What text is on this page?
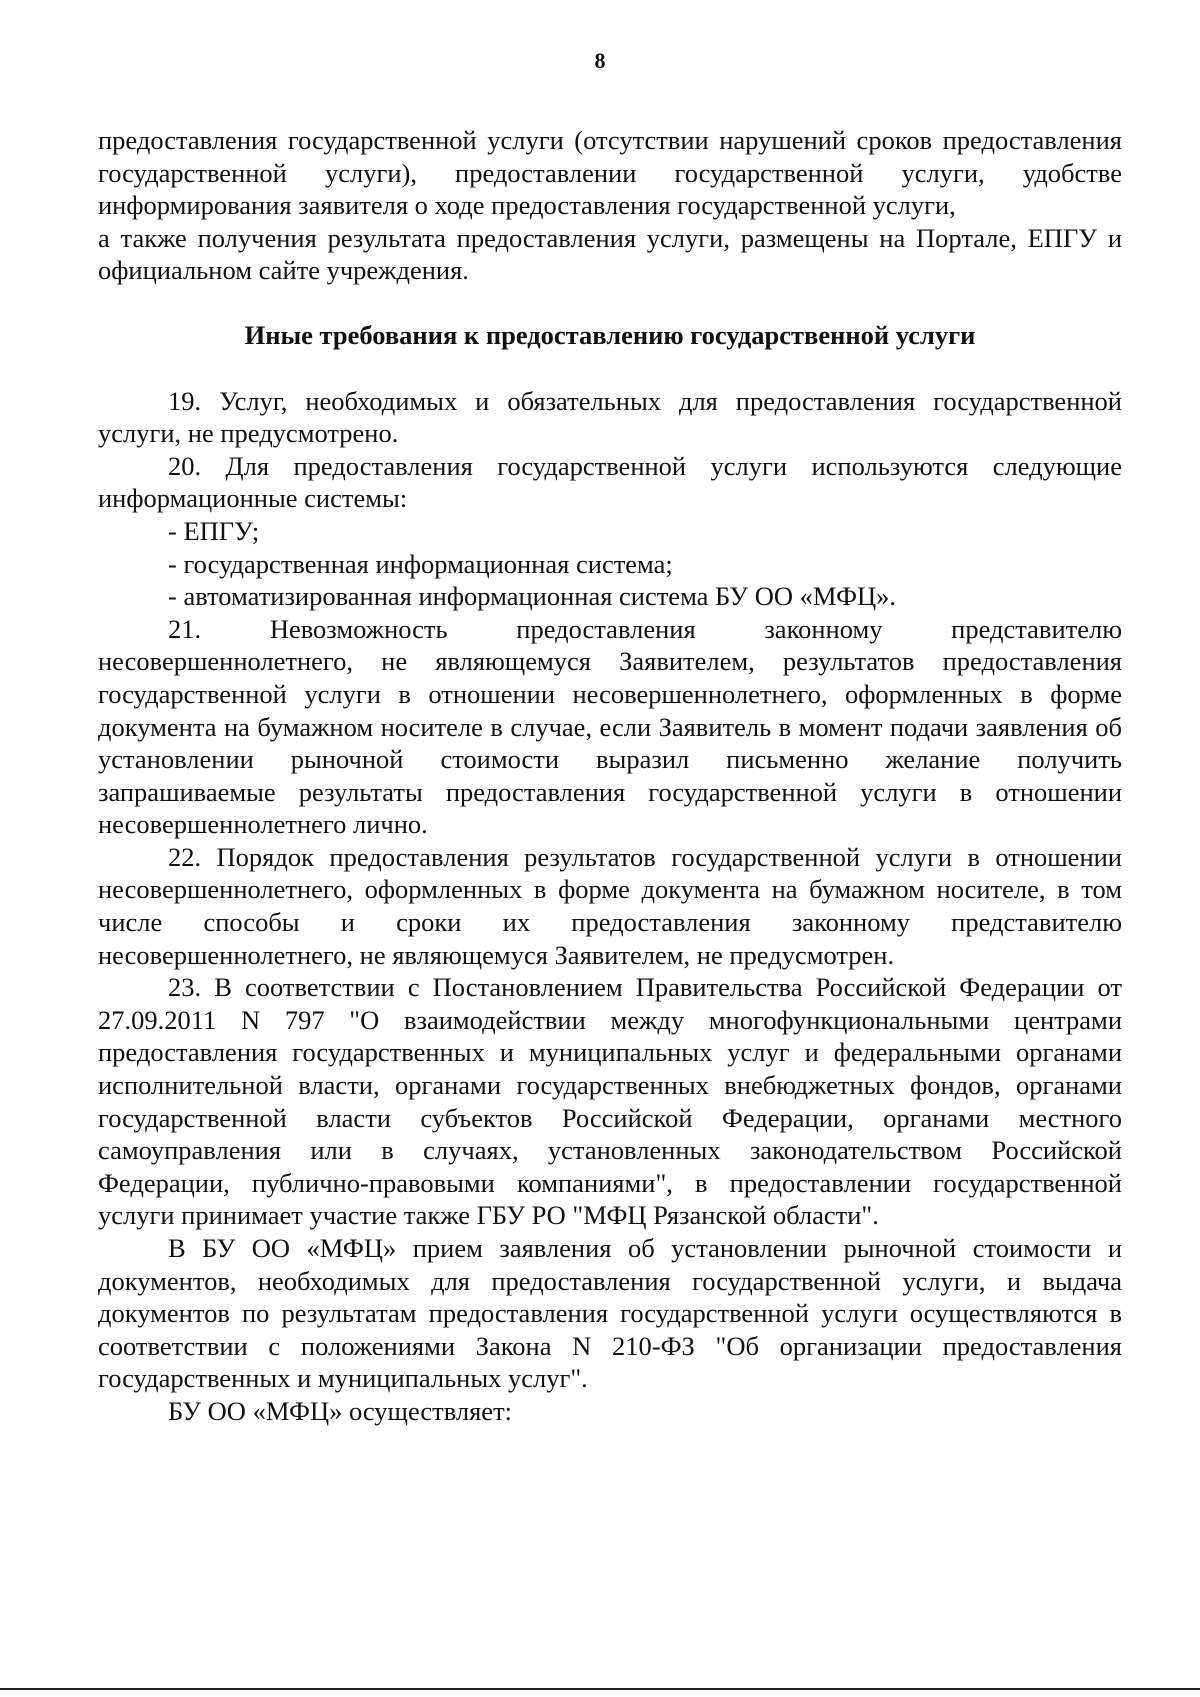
8

предоставления государственной услуги (отсутствии нарушений сроков предоставления государственной услуги), предоставлении государственной услуги, удобстве информирования заявителя о ходе предоставления государственной услуги,

а также получения результата предоставления услуги, размещены на Портале, ЕПГУ и официальном сайте учреждения.

Иные требования к предоставлению государственной услуги

19. Услуг, необходимых и обязательных для предоставления государственной услуги, не предусмотрено.

20. Для предоставления государственной услуги используются следующие информационные системы:

- ЕПГУ;

- государственная информационная система;

- автоматизированная информационная система БУ ОО «МФЦ».

21. Невозможность предоставления законному представителю несовершеннолетнего, не являющемуся Заявителем, результатов предоставления государственной услуги в отношении несовершеннолетнего, оформленных в форме документа на бумажном носителе в случае, если Заявитель в момент подачи заявления об установлении рыночной стоимости выразил письменно желание получить запрашиваемые результаты предоставления государственной услуги в отношении несовершеннолетнего лично.

22. Порядок предоставления результатов государственной услуги в отношении несовершеннолетнего, оформленных в форме документа на бумажном носителе, в том числе способы и сроки их предоставления законному представителю несовершеннолетнего, не являющемуся Заявителем, не предусмотрен.

23. В соответствии с Постановлением Правительства Российской Федерации от 27.09.2011 N 797 "О взаимодействии между многофункциональными центрами предоставления государственных и муниципальных услуг и федеральными органами исполнительной власти, органами государственных внебюджетных фондов, органами государственной власти субъектов Российской Федерации, органами местного самоуправления или в случаях, установленных законодательством Российской Федерации, публично-правовыми компаниями", в предоставлении государственной услуги принимает участие также ГБУ РО "МФЦ Рязанской области".

В БУ ОО «МФЦ» прием заявления об установлении рыночной стоимости и документов, необходимых для предоставления государственной услуги, и выдача документов по результатам предоставления государственной услуги осуществляются в соответствии с положениями Закона N 210-ФЗ "Об организации предоставления государственных и муниципальных услуг".

БУ ОО «МФЦ» осуществляет:
